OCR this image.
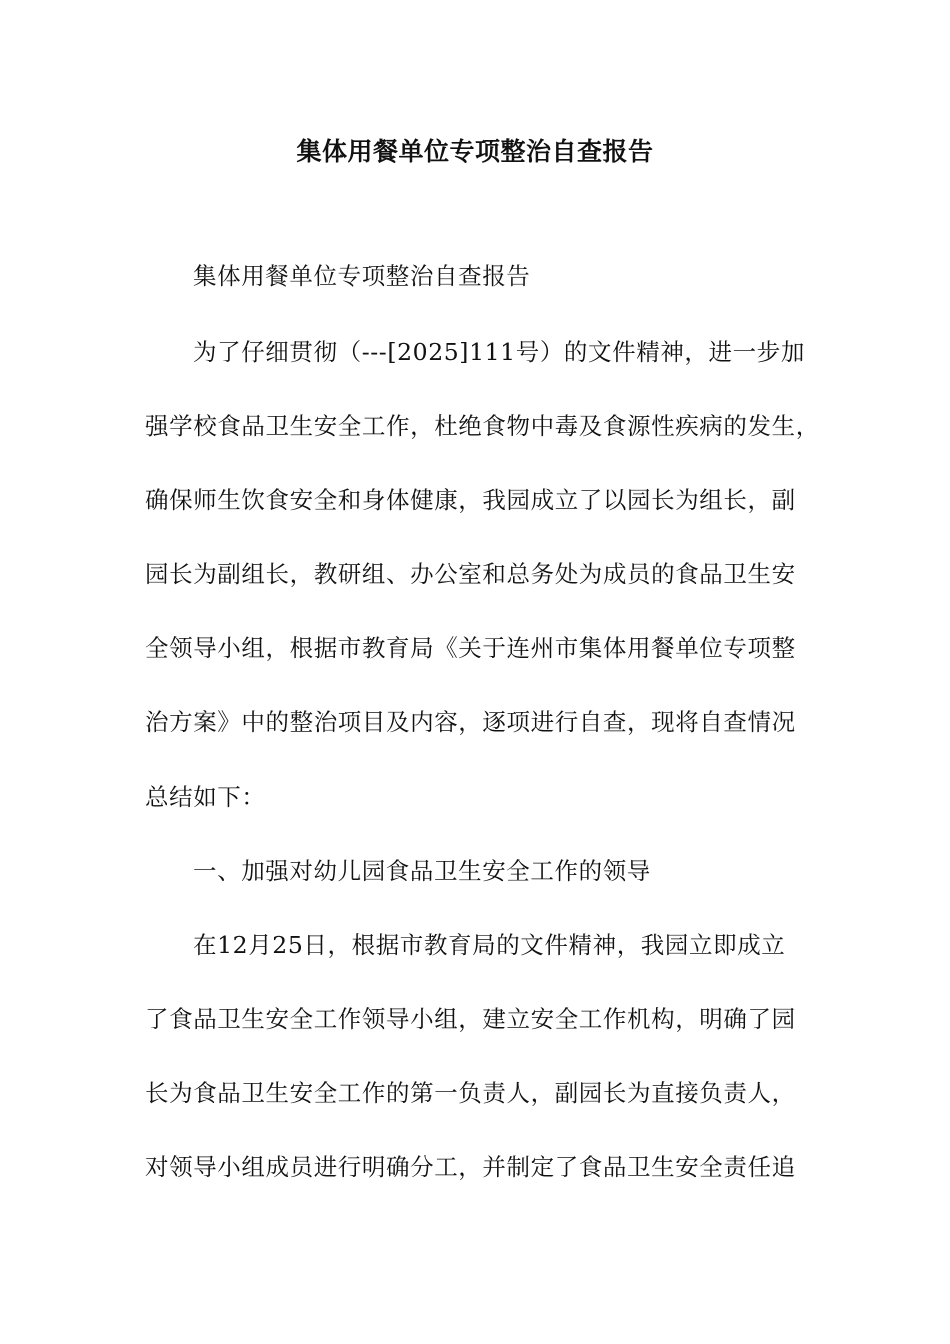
集体用餐单位专项整治自查报告

集体用餐单位专项整治自查报告

为了仔细贯彻（---[2025]111号）的文件精神，进一步加

强学校食品卫生安全工作，杜绝食物中毒及食源性疾病的发生，

确保师生饮食安全和身体健康，我园成立了以园长为组长，副

园长为副组长，教研组、办公室和总务处为成员的食品卫生安

全领导小组，根据市教育局《关于连州市集体用餐单位专项整

治方案》中的整治项目及内容，逐项进行自查，现将自查情况

总结如下：

一、加强对幼儿园食品卫生安全工作的领导

在12月25日，根据市教育局的文件精神，我园立即成立

了食品卫生安全工作领导小组，建立安全工作机构，明确了园

长为食品卫生安全工作的第一负责人，副园长为直接负责人，

对领导小组成员进行明确分工，并制定了食品卫生安全责任追
